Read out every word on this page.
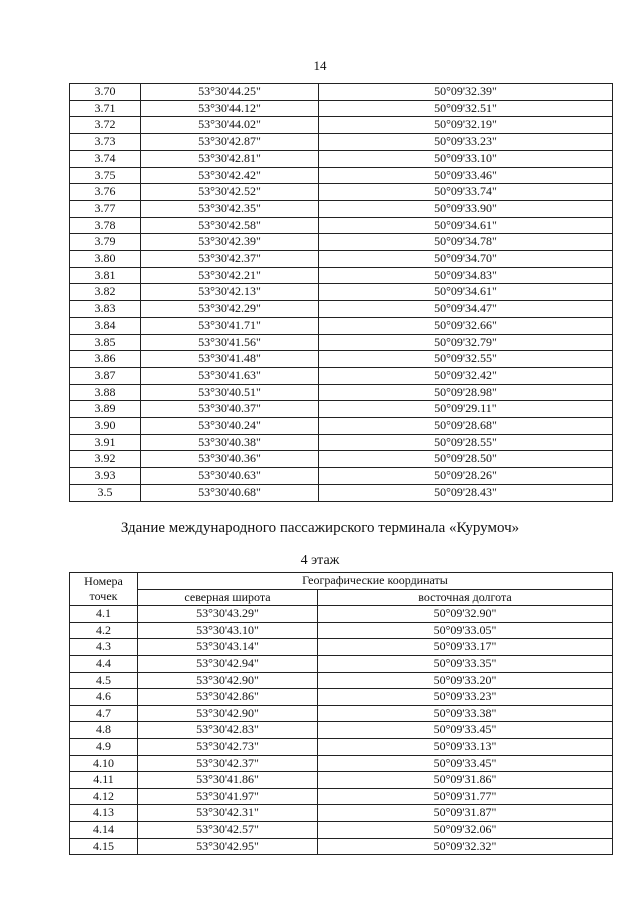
14
3.70	53°30'44.25"	50°09'32.39"
3.71	53°30'44.12"	50°09'32.51"
3.72	53°30'44.02"	50°09'32.19"
3.73	53°30'42.87"	50°09'33.23"
3.74	53°30'42.81"	50°09'33.10"
3.75	53°30'42.42"	50°09'33.46"
3.76	53°30'42.52"	50°09'33.74"
3.77	53°30'42.35"	50°09'33.90"
3.78	53°30'42.58"	50°09'34.61"
3.79	53°30'42.39"	50°09'34.78"
3.80	53°30'42.37"	50°09'34.70"
3.81	53°30'42.21"	50°09'34.83"
3.82	53°30'42.13"	50°09'34.61"
3.83	53°30'42.29"	50°09'34.47"
3.84	53°30'41.71"	50°09'32.66"
3.85	53°30'41.56"	50°09'32.79"
3.86	53°30'41.48"	50°09'32.55"
3.87	53°30'41.63"	50°09'32.42"
3.88	53°30'40.51"	50°09'28.98"
3.89	53°30'40.37"	50°09'29.11"
3.90	53°30'40.24"	50°09'28.68"
3.91	53°30'40.38"	50°09'28.55"
3.92	53°30'40.36"	50°09'28.50"
3.93	53°30'40.63"	50°09'28.26"
3.5	53°30'40.68"	50°09'28.43"
Здание международного пассажирского терминала «Курумоч»
4 этаж
Номера
точек	Географические координаты	
	северная широта	восточная долгота
4.1	53°30'43.29"	50°09'32.90"
4.2	53°30'43.10"	50°09'33.05"
4.3	53°30'43.14"	50°09'33.17"
4.4	53°30'42.94"	50°09'33.35"
4.5	53°30'42.90"	50°09'33.20"
4.6	53°30'42.86"	50°09'33.23"
4.7	53°30'42.90"	50°09'33.38"
4.8	53°30'42.83"	50°09'33.45"
4.9	53°30'42.73"	50°09'33.13"
4.10	53°30'42.37"	50°09'33.45"
4.11	53°30'41.86"	50°09'31.86"
4.12	53°30'41.97"	50°09'31.77"
4.13	53°30'42.31"	50°09'31.87"
4.14	53°30'42.57"	50°09'32.06"
4.15	53°30'42.95"	50°09'32.32"
